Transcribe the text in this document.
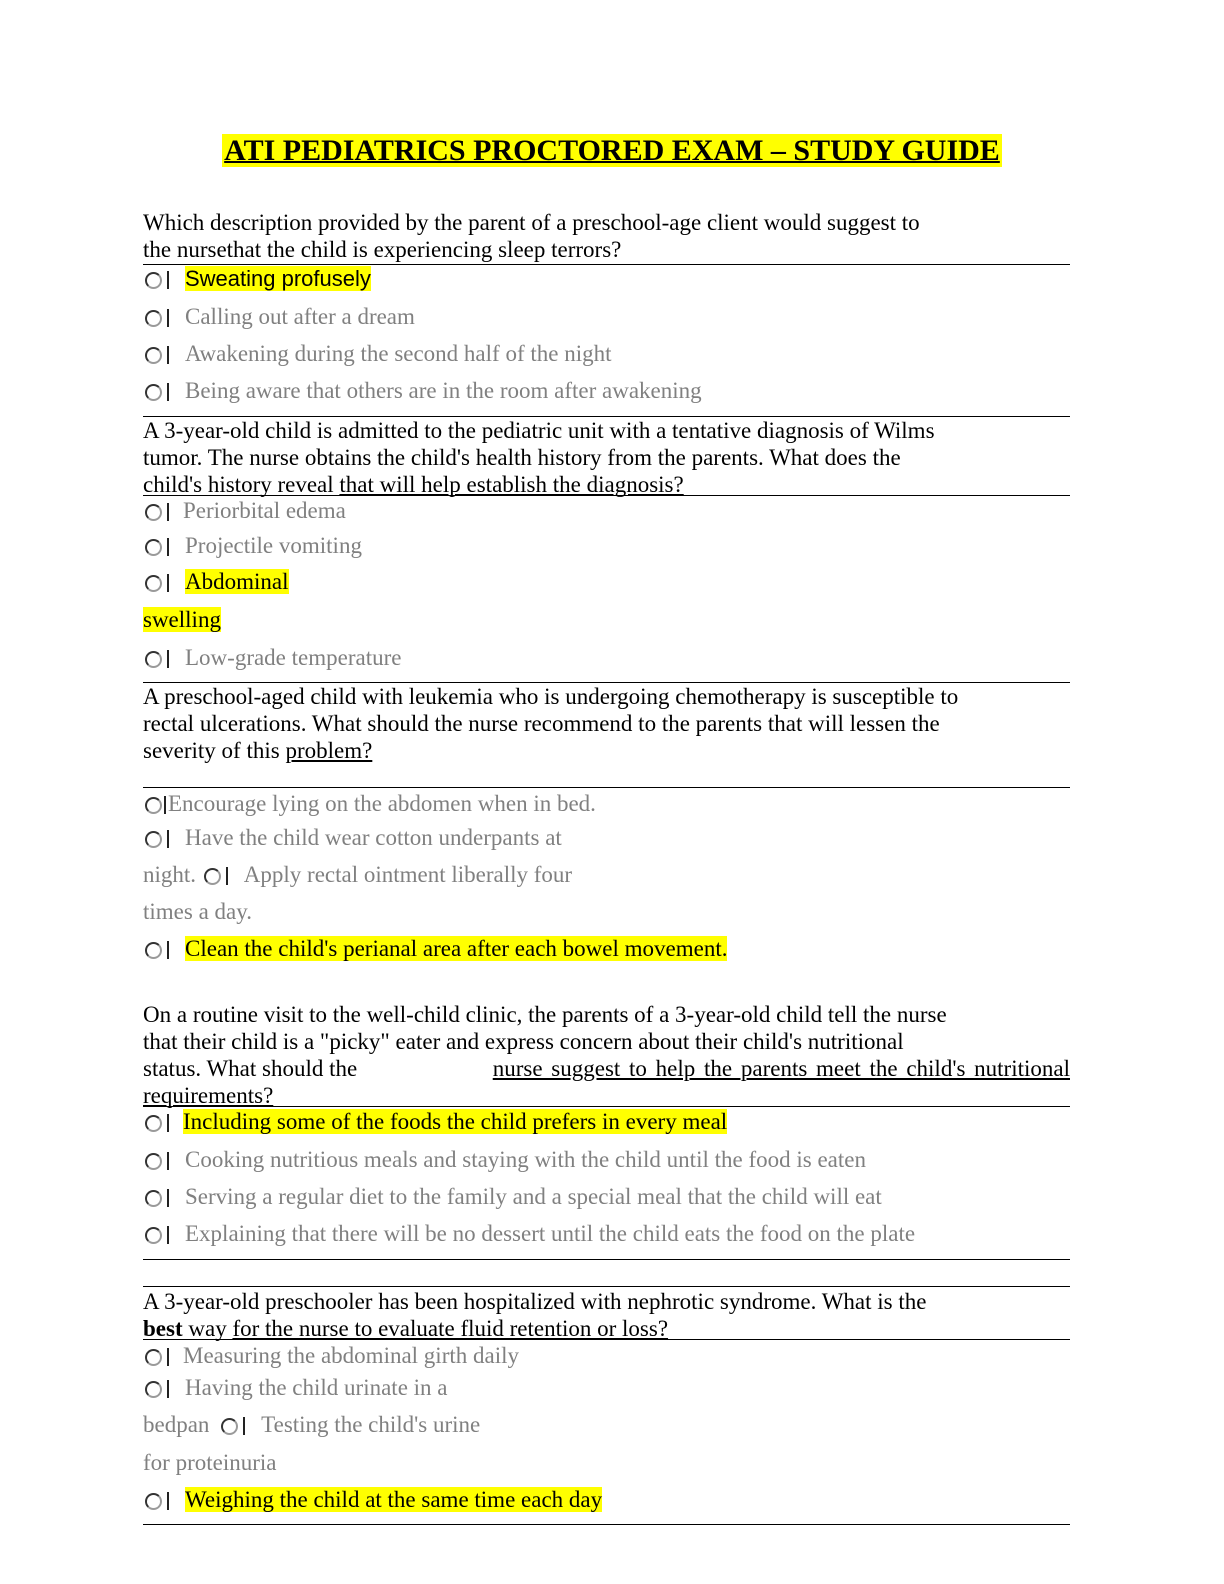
ATI PEDIATRICS PROCTORED EXAM – STUDY GUIDE
Which description provided by the parent of a preschool-age client would suggest to
the nursethat the child is experiencing sleep terrors?
Sweating profusely
Calling out after a dream
Awakening during the second half of the night
Being aware that others are in the room after awakening
A 3-year-old child is admitted to the pediatric unit with a tentative diagnosis of Wilms
tumor. The nurse obtains the child's health history from the parents. What does the
child's history reveal that will help establish the diagnosis?
Periorbital edema
Projectile vomiting
Abdominal
swelling
Low-grade temperature
A preschool-aged child with leukemia who is undergoing chemotherapy is susceptible to
rectal ulcerations. What should the nurse recommend to the parents that will lessen the
severity of this problem?
Encourage lying on the abdomen when in bed.
Have the child wear cotton underpants at
night. Apply rectal ointment liberally four
times a day.
Clean the child's perianal area after each bowel movement.
On a routine visit to the well-child clinic, the parents of a 3-year-old child tell the nurse
that their child is a "picky" eater and express concern about their child's nutritional
status. What should the	nurse suggest to help the parents meet the child's nutritional
requirements?
Including some of the foods the child prefers in every meal
Cooking nutritious meals and staying with the child until the food is eaten
Serving a regular diet to the family and a special meal that the child will eat
Explaining that there will be no dessert until the child eats the food on the plate
A 3-year-old preschooler has been hospitalized with nephrotic syndrome. What is the
best way for the nurse to evaluate fluid retention or loss?
Measuring the abdominal girth daily
Having the child urinate in a
bedpan Testing the child's urine
for proteinuria
Weighing the child at the same time each day
